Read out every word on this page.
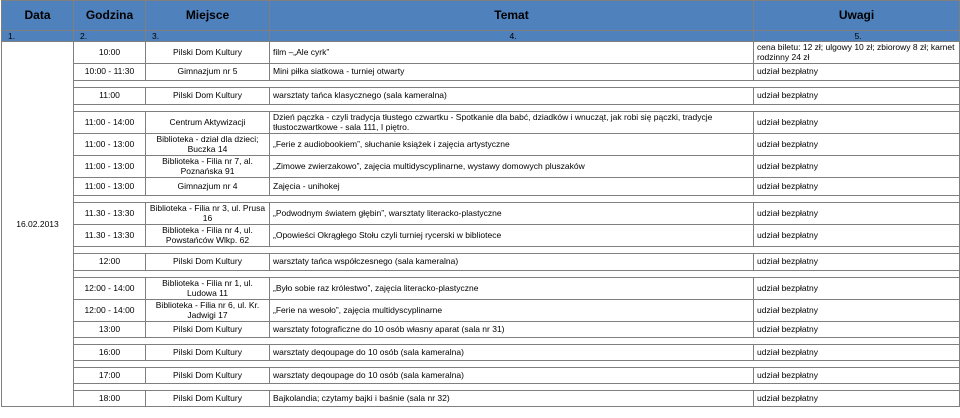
Data	Godzina	Miejsce	Temat	Uwagi
1.	2.	3.	4.	5.
16.02.2013	10:00	Pilski Dom Kultury	film –„Ale cyrk”	cena biletu: 12 zł; ulgowy 10 zł; zbiorowy 8 zł; karnet rodzinny 24 zł
	10:00 - 11:30	Gimnazjum nr 5	Mini piłka siatkowa - turniej otwarty	udział bezpłatny

	11:00	Pilski Dom Kultury	warsztaty tańca klasycznego (sala kameralna)	udział bezpłatny

	11:00 - 14:00	Centrum Aktywizacji	Dzień pączka - czyli tradycja tłustego czwartku - Spotkanie dla babć, dziadków i wnucząt, jak robi się pączki, tradycje tłustoczwartkowe - sala 111, I piętro.	udział bezpłatny
	11:00 - 13:00	Biblioteka - dział dla dzieci; Buczka 14	„Ferie z audiobookiem”, słuchanie książek i zajęcia artystyczne	udział bezpłatny
	11:00 - 13:00	Biblioteka - Filia nr 7, al. Poznańska 91	„Zimowe zwierzakowo”, zajęcia multidyscyplinarne, wystawy domowych pluszaków	udział bezpłatny
	11:00 - 13:00	Gimnazjum nr 4	Zajęcia - unihokej	udział bezpłatny

	11.30 - 13:30	Biblioteka - Filia nr 3, ul. Prusa 16	„Podwodnym światem głębin”, warsztaty literacko-plastyczne	udział bezpłatny
	11.30 - 13:30	Biblioteka - Filia nr 4, ul. Powstańców Wlkp. 62	„Opowieści Okrągłego Stołu czyli turniej rycerski w bibliotece	udział bezpłatny

	12:00	Pilski Dom Kultury	warsztaty tańca współczesnego (sala kameralna)	udział bezpłatny

	12:00 - 14:00	Biblioteka - Filia nr 1, ul. Ludowa 11	„Było sobie raz królestwo”, zajęcia literacko-plastyczne	udział bezpłatny
	12:00 - 14:00	Biblioteka - Filia nr 6, ul. Kr. Jadwigi 17	„Ferie na wesoło”, zajęcia multidyscyplinarne	udział bezpłatny
	13:00	Pilski Dom Kultury	warsztaty fotograficzne do 10 osób własny aparat (sala nr 31)	udział bezpłatny

	16:00	Pilski Dom Kultury	warsztaty deqoupage do 10 osób (sala kameralna)	udział bezpłatny

	17:00	Pilski Dom Kultury	warsztaty deqoupage do 10 osób (sala kameralna)	udział bezpłatny

	18:00	Pilski Dom Kultury	Bajkolandia; czytamy bajki i baśnie (sala nr 32)	udział bezpłatny
